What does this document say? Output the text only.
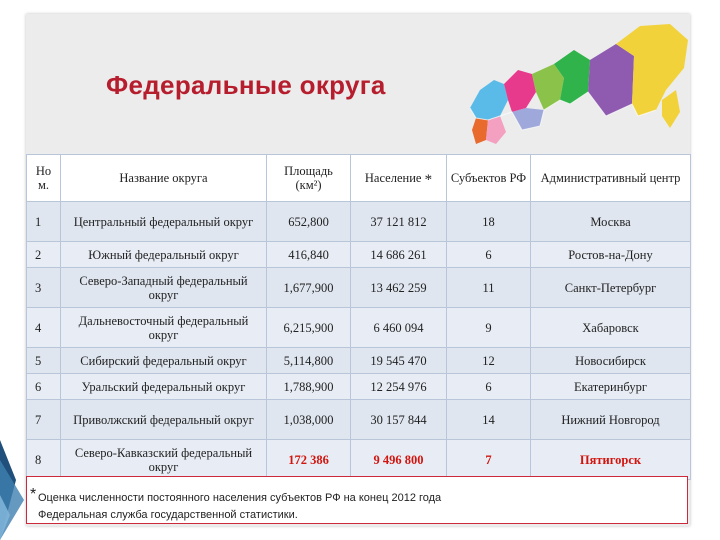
Федеральные округа
Но м.	Название округа	Площадь (км²)	Население *	Субъектов РФ	Административный центр
1	Центральный федеральный округ	652,800	37 121 812	18	Москва
2	Южный федеральный округ	416,840	14 686 261	6	Ростов-на-Дону
3	Северо-Западный федеральный округ	1,677,900	13 462 259	11	Санкт-Петербург
4	Дальневосточный федеральный округ	6,215,900	6 460 094	9	Хабаровск
5	Сибирский федеральный округ	5,114,800	19 545 470	12	Новосибирск
6	Уральский федеральный округ	1,788,900	12 254 976	6	Екатеринбург
7	Приволжский федеральный округ	1,038,000	30 157 844	14	Нижний Новгород
8	Северо-Кавказский федеральный округ	172 386	9 496 800	7	Пятигорск
* Оценка численности постоянного населения субъектов РФ на конец 2012 года
Федеральная служба государственной статистики.
